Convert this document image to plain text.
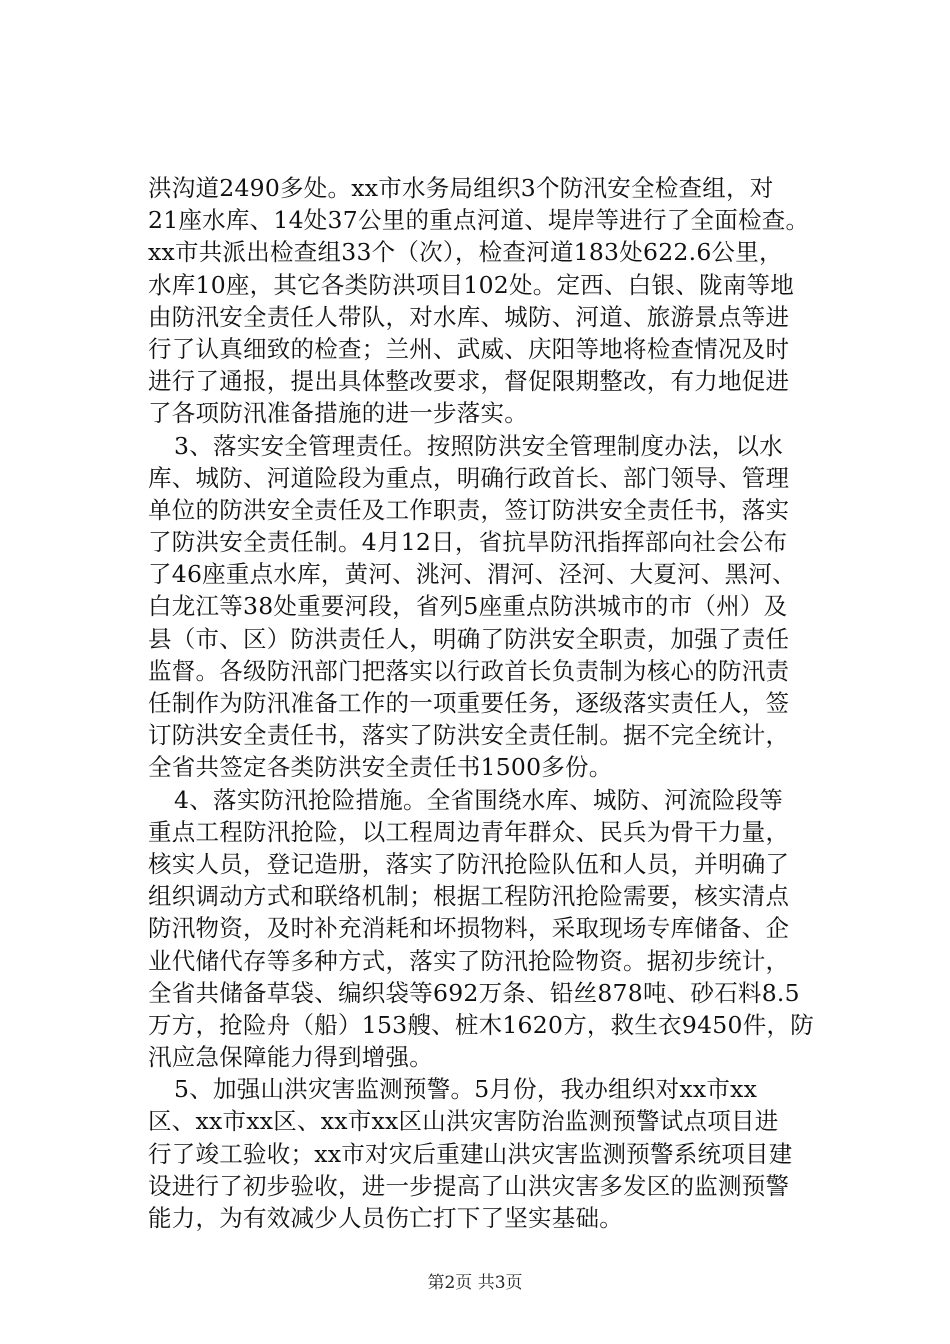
洪沟道2490多处。xx市水务局组织3个防汛安全检查组，对
21座水库、14处37公里的重点河道、堤岸等进行了全面检查。
xx市共派出检查组33个（次），检查河道183处622.6公里，
水库10座，其它各类防洪项目102处。定西、白银、陇南等地
由防汛安全责任人带队，对水库、城防、河道、旅游景点等进
行了认真细致的检查；兰州、武威、庆阳等地将检查情况及时
进行了通报，提出具体整改要求，督促限期整改，有力地促进
了各项防汛准备措施的进一步落实。
3、落实安全管理责任。按照防洪安全管理制度办法，以水
库、城防、河道险段为重点，明确行政首长、部门领导、管理
单位的防洪安全责任及工作职责，签订防洪安全责任书，落实
了防洪安全责任制。4月12日，省抗旱防汛指挥部向社会公布
了46座重点水库，黄河、洮河、渭河、泾河、大夏河、黑河、
白龙江等38处重要河段，省列5座重点防洪城市的市（州）及
县（市、区）防洪责任人，明确了防洪安全职责，加强了责任
监督。各级防汛部门把落实以行政首长负责制为核心的防汛责
任制作为防汛准备工作的一项重要任务，逐级落实责任人，签
订防洪安全责任书，落实了防洪安全责任制。据不完全统计，
全省共签定各类防洪安全责任书1500多份。
4、落实防汛抢险措施。全省围绕水库、城防、河流险段等
重点工程防汛抢险，以工程周边青年群众、民兵为骨干力量，
核实人员，登记造册，落实了防汛抢险队伍和人员，并明确了
组织调动方式和联络机制；根据工程防汛抢险需要，核实清点
防汛物资，及时补充消耗和坏损物料，采取现场专库储备、企
业代储代存等多种方式，落实了防汛抢险物资。据初步统计，
全省共储备草袋、编织袋等692万条、铅丝878吨、砂石料8.5
万方，抢险舟（船）153艘、桩木1620方，救生衣9450件，防
汛应急保障能力得到增强。
5、加强山洪灾害监测预警。5月份，我办组织对xx市xx
区、xx市xx区、xx市xx区山洪灾害防治监测预警试点项目进
行了竣工验收；xx市对灾后重建山洪灾害监测预警系统项目建
设进行了初步验收，进一步提高了山洪灾害多发区的监测预警
能力，为有效减少人员伤亡打下了坚实基础。
第2页 共3页
